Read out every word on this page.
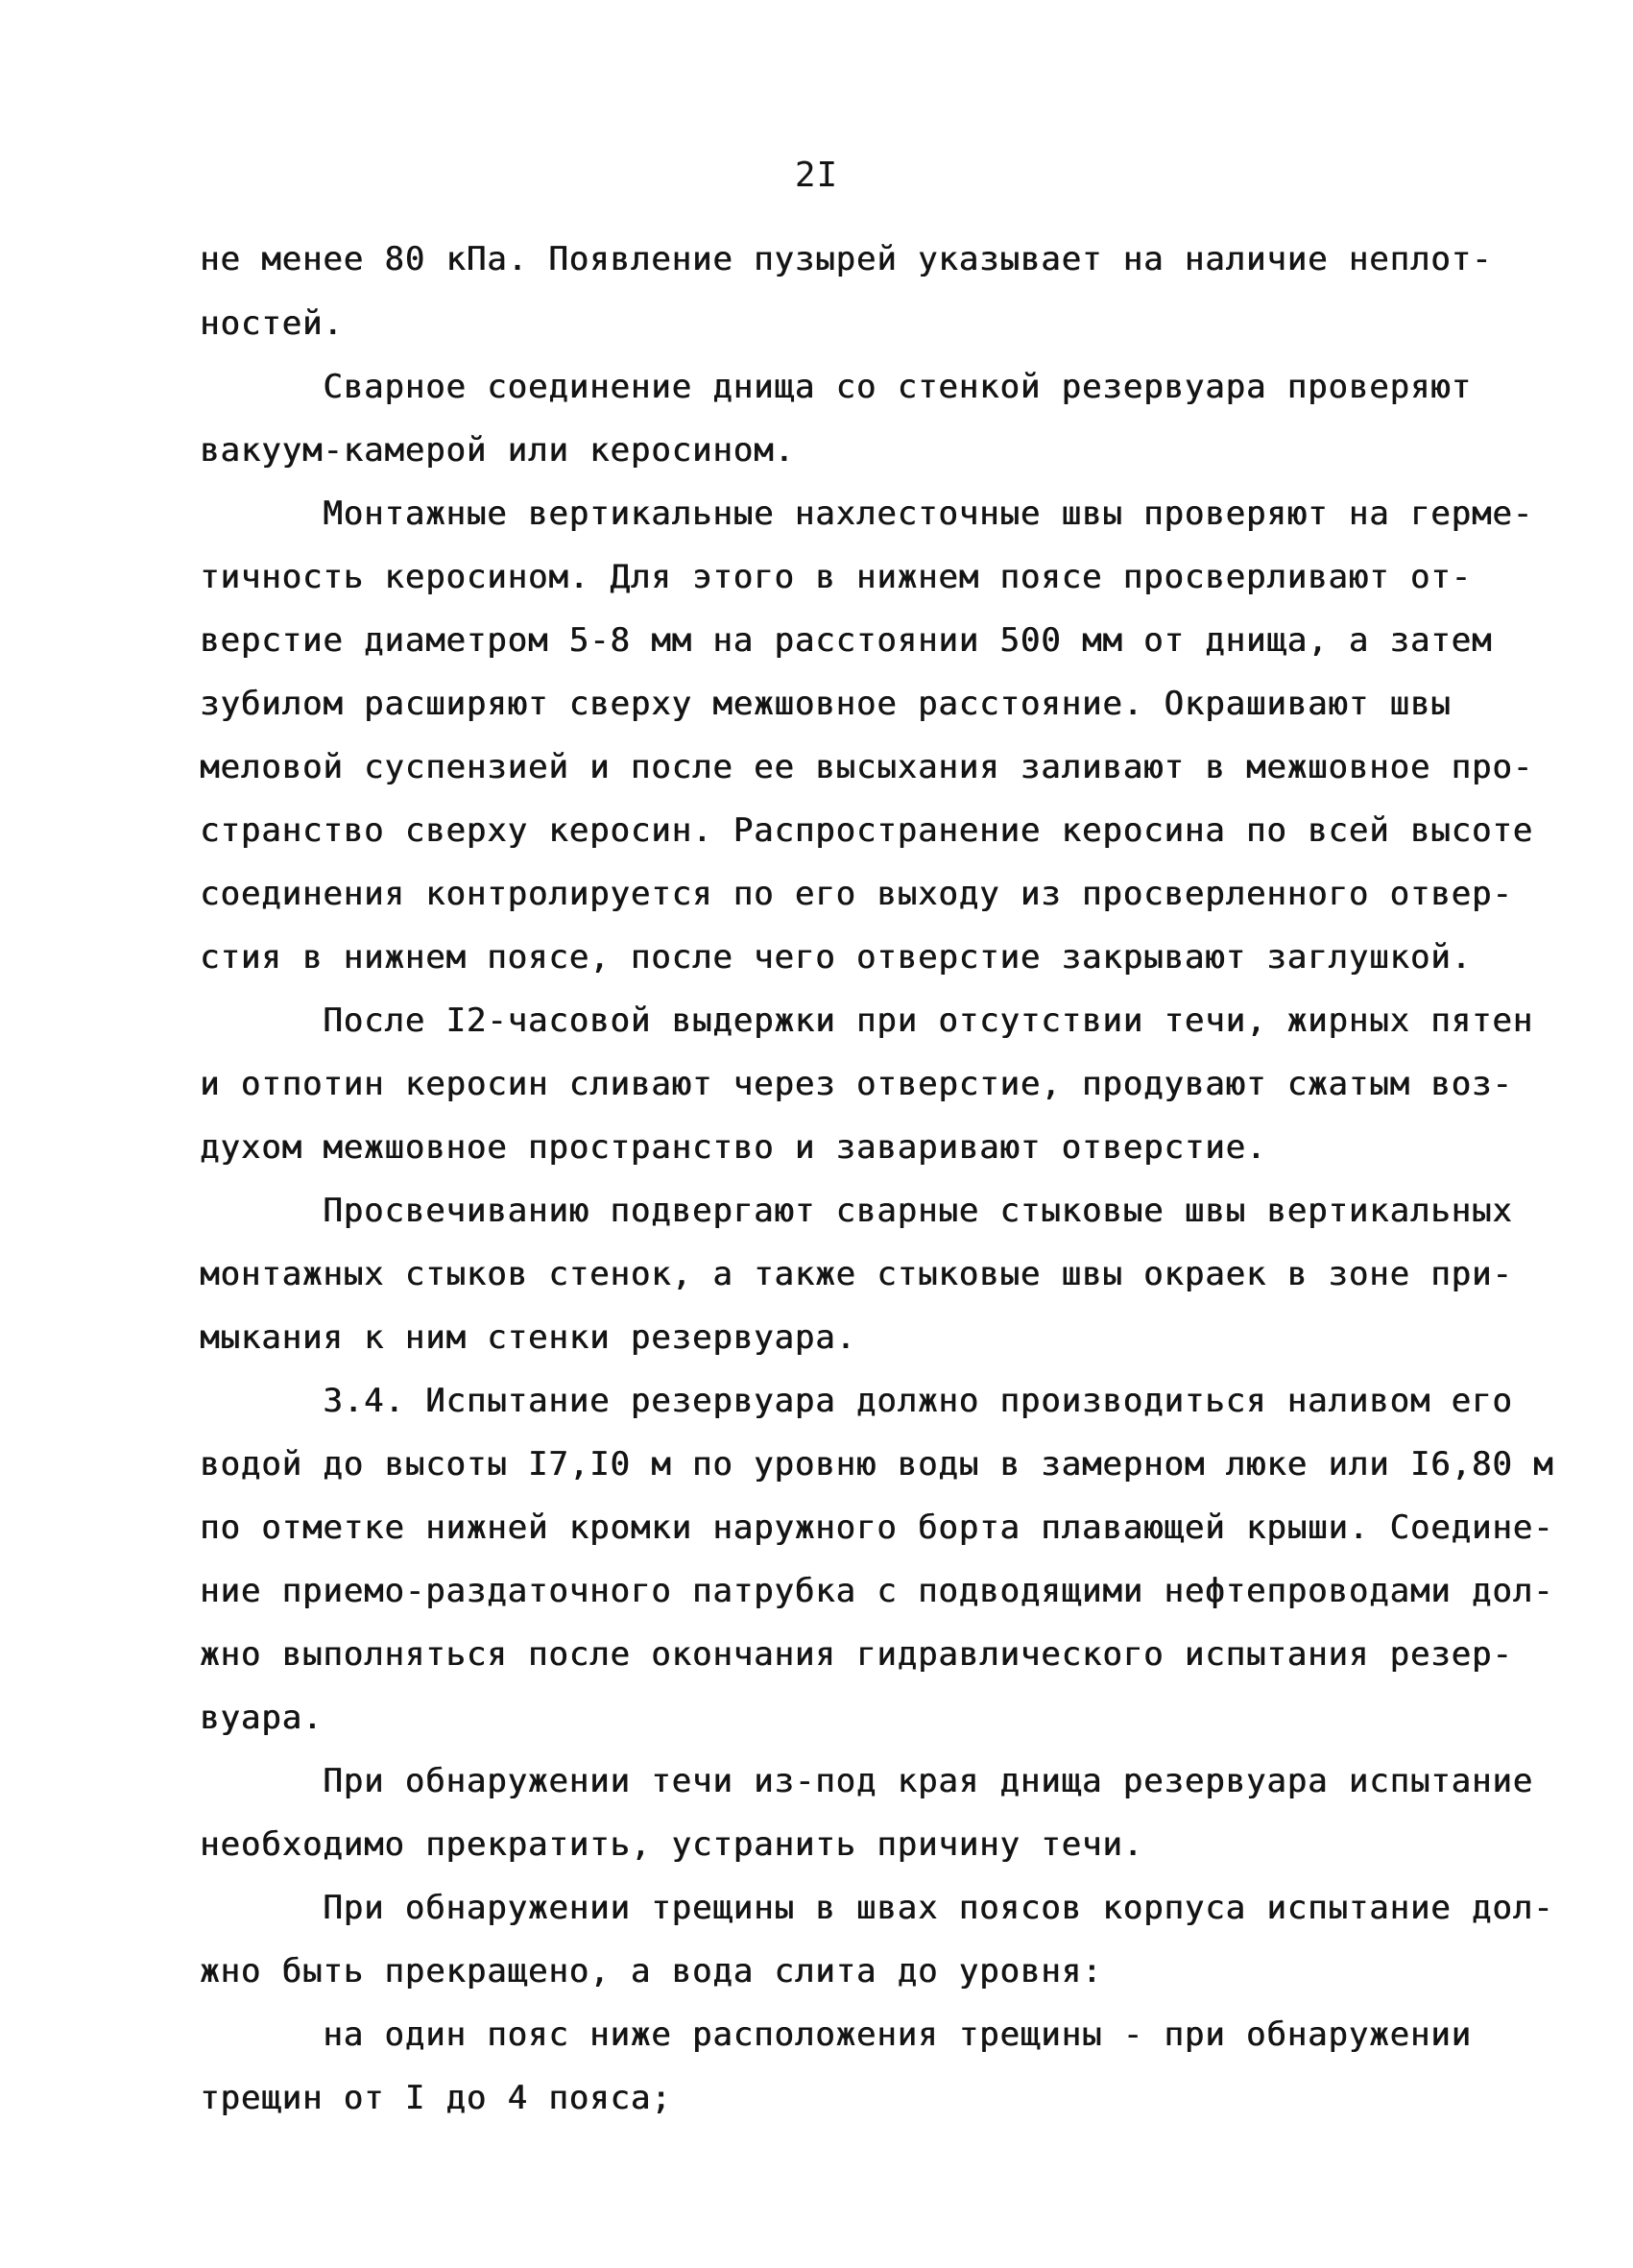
2I
не менее 80 кПа. Появление пузырей указывает на наличие неплот-
ностей.
Сварное соединение днища со стенкой резервуара проверяют
вакуум-камерой или керосином.
Монтажные вертикальные нахлесточные швы проверяют на герме-
тичность керосином. Для этого в нижнем поясе просверливают от-
верстие диаметром 5-8 мм на расстоянии 500 мм от днища, а затем
зубилом расширяют сверху межшовное расстояние. Окрашивают швы
меловой суспензией и после ее высыхания заливают в межшовное про-
странство сверху керосин. Распространение керосина по всей высоте
соединения контролируется по его выходу из просверленного отвер-
стия в нижнем поясе, после чего отверстие закрывают заглушкой.
После I2-часовой выдержки при отсутствии течи, жирных пятен
и отпотин керосин сливают через отверстие, продувают сжатым воз-
духом межшовное пространство и заваривают отверстие.
Просвечиванию подвергают сварные стыковые швы вертикальных
монтажных стыков стенок, а также стыковые швы окраек в зоне при-
мыкания к ним стенки резервуара.
3.4. Испытание резервуара должно производиться наливом его
водой до высоты I7,I0 м по уровню воды в замерном люке или I6,80 м
по отметке нижней кромки наружного борта плавающей крыши. Соедине-
ние приемо-раздаточного патрубка с подводящими нефтепроводами дол-
жно выполняться после окончания гидравлического испытания резер-
вуара.
При обнаружении течи из-под края днища резервуара испытание
необходимо прекратить, устранить причину течи.
При обнаружении трещины в швах поясов корпуса испытание дол-
жно быть прекращено, а вода слита до уровня:
на один пояс ниже расположения трещины - при обнаружении
трещин от I до 4 пояса;
